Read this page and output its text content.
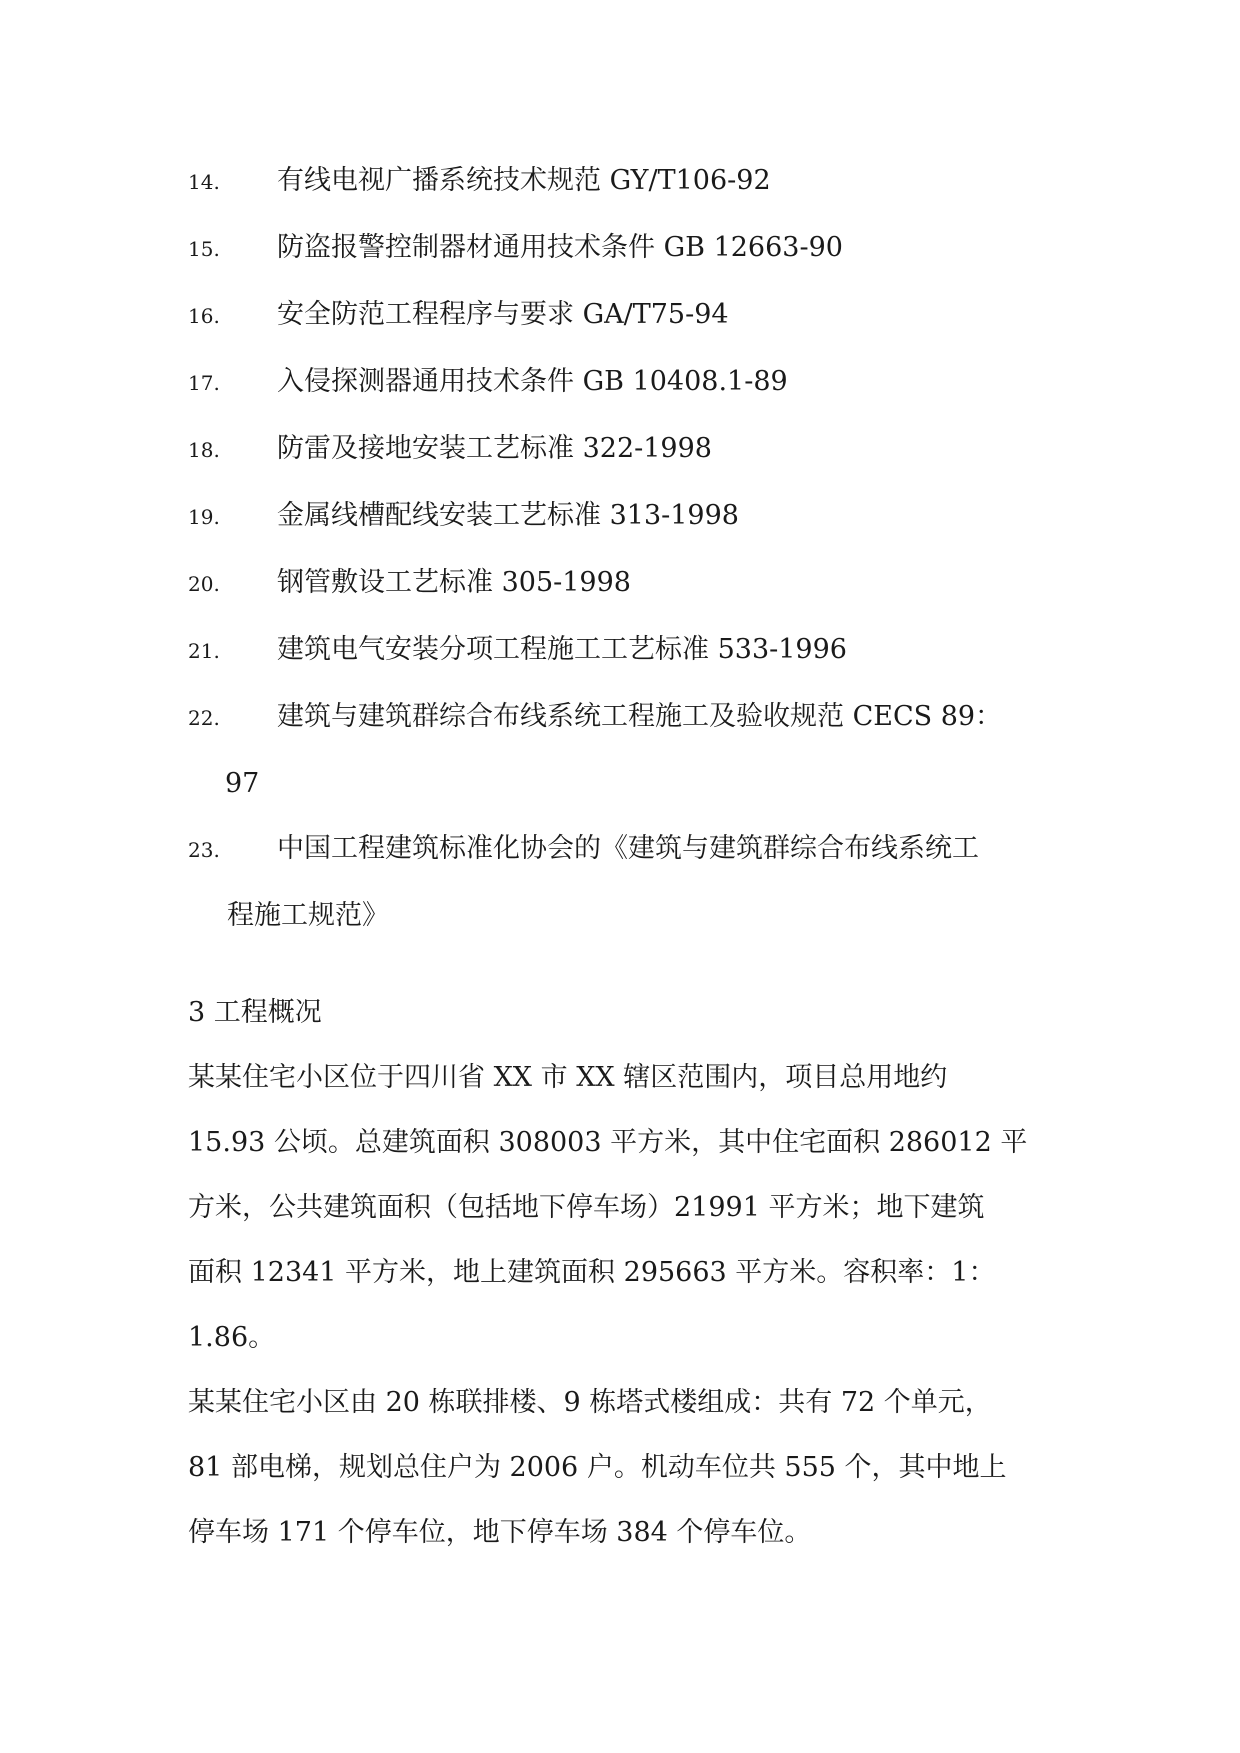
14. 有线电视广播系统技术规范 GY/T106-92
15. 防盗报警控制器材通用技术条件 GB 12663-90
16. 安全防范工程程序与要求 GA/T75-94
17. 入侵探测器通用技术条件 GB 10408.1-89
18. 防雷及接地安装工艺标准 322-1998
19. 金属线槽配线安装工艺标准 313-1998
20. 钢管敷设工艺标准 305-1998
21. 建筑电气安装分项工程施工工艺标准 533-1996
22. 建筑与建筑群综合布线系统工程施工及验收规范 CECS 89：
97
23. 中国工程建筑标准化协会的《建筑与建筑群综合布线系统工
程施工规范》
3 工程概况
某某住宅小区位于四川省 XX 市 XX 辖区范围内，项目总用地约
15.93 公顷。总建筑面积 308003 平方米，其中住宅面积 286012 平
方米，公共建筑面积（包括地下停车场）21991 平方米；地下建筑
面积 12341 平方米，地上建筑面积 295663 平方米。容积率：1：
1.86。
某某住宅小区由 20 栋联排楼、9 栋塔式楼组成：共有 72 个单元，
81 部电梯，规划总住户为 2006 户。机动车位共 555 个，其中地上
停车场 171 个停车位，地下停车场 384 个停车位。
